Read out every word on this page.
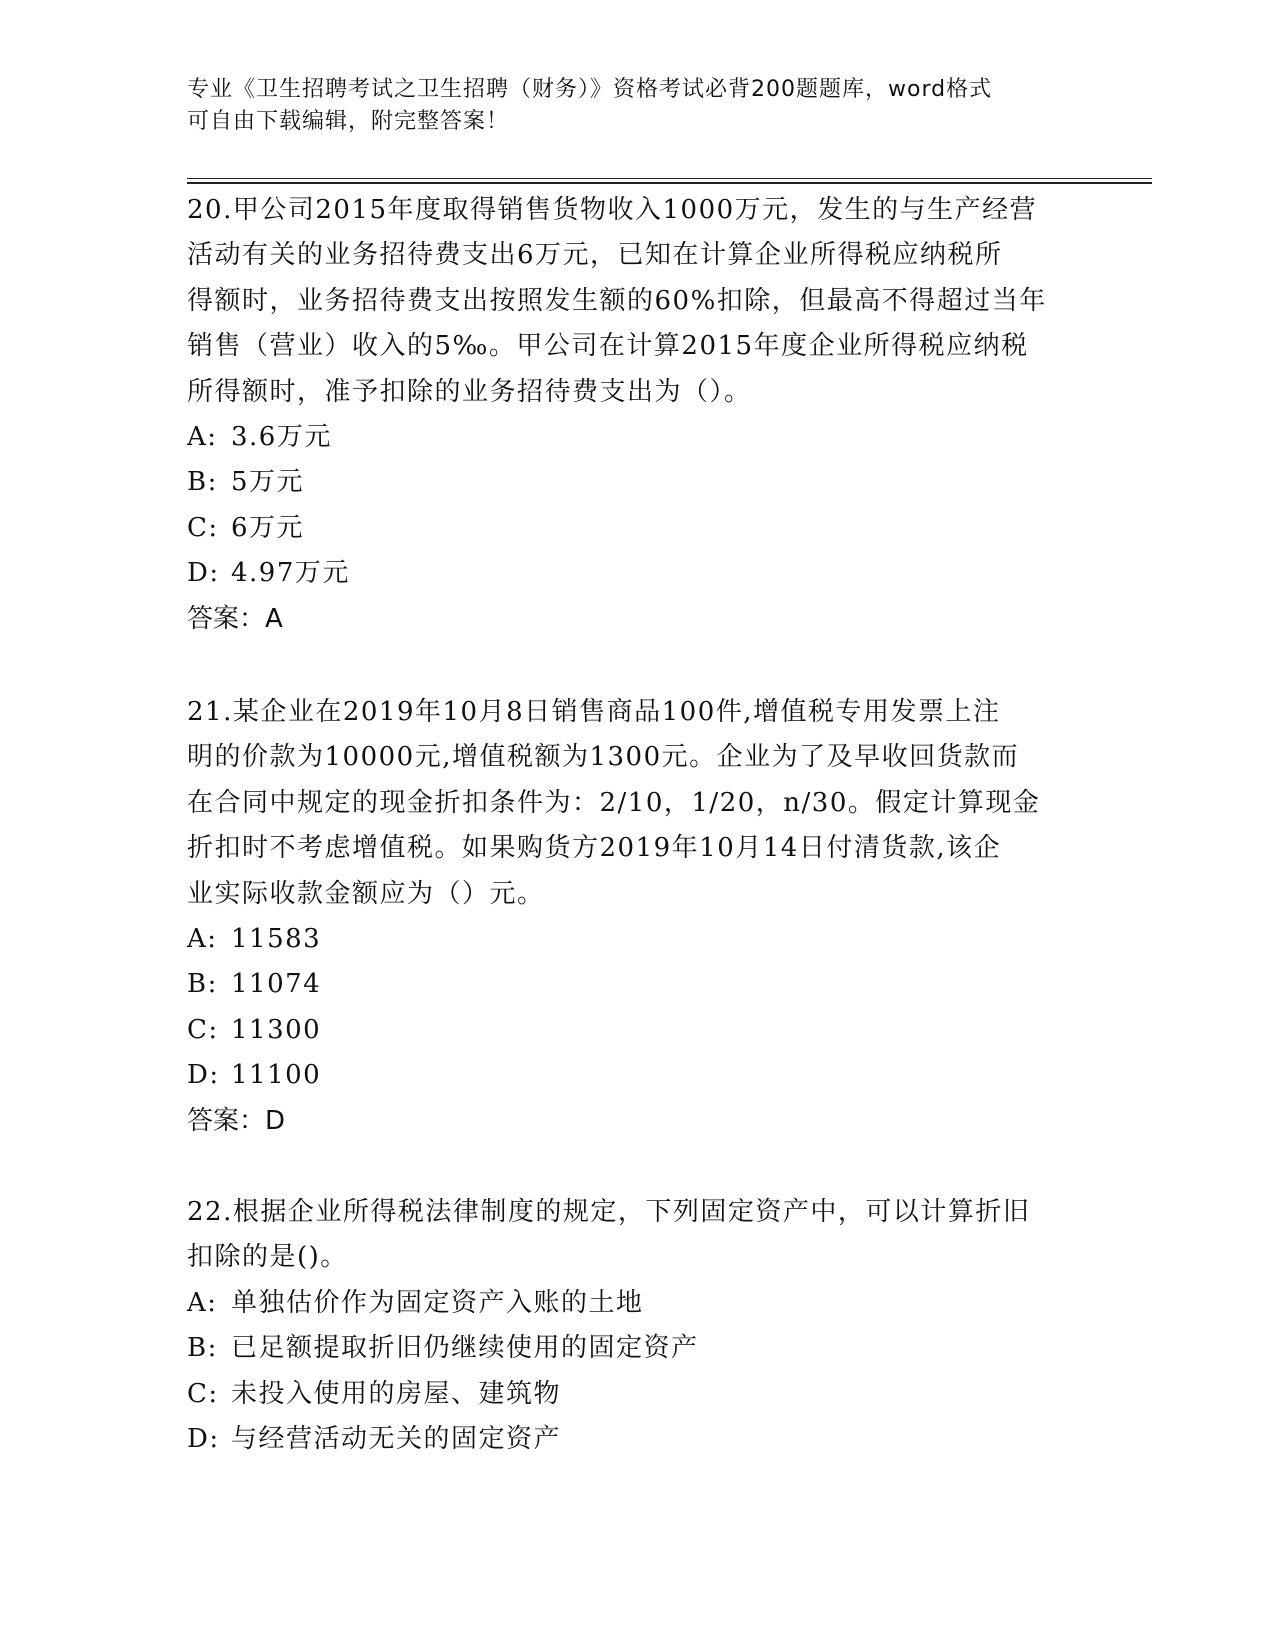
专业《卫生招聘考试之卫生招聘（财务）》资格考试必背200题题库，word格式
可自由下载编辑，附完整答案！
20.甲公司2015年度取得销售货物收入1000万元，发生的与生产经营
活动有关的业务招待费支出6万元，已知在计算企业所得税应纳税所
得额时，业务招待费支出按照发生额的60%扣除，但最高不得超过当年
销售（营业）收入的5‰。甲公司在计算2015年度企业所得税应纳税
所得额时，准予扣除的业务招待费支出为（）。
A: 3.6万元
B: 5万元
C: 6万元
D: 4.97万元
答案：A
21.某企业在2019年10月8日销售商品100件,增值税专用发票上注
明的价款为10000元,增值税额为1300元。企业为了及早收回货款而
在合同中规定的现金折扣条件为：2/10，1/20，n/30。假定计算现金
折扣时不考虑增值税。如果购货方2019年10月14日付清货款,该企
业实际收款金额应为（）元。
A: 11583
B: 11074
C: 11300
D: 11100
答案：D
22.根据企业所得税法律制度的规定，下列固定资产中，可以计算折旧
扣除的是()。
A: 单独估价作为固定资产入账的土地
B: 已足额提取折旧仍继续使用的固定资产
C: 未投入使用的房屋、建筑物
D: 与经营活动无关的固定资产
